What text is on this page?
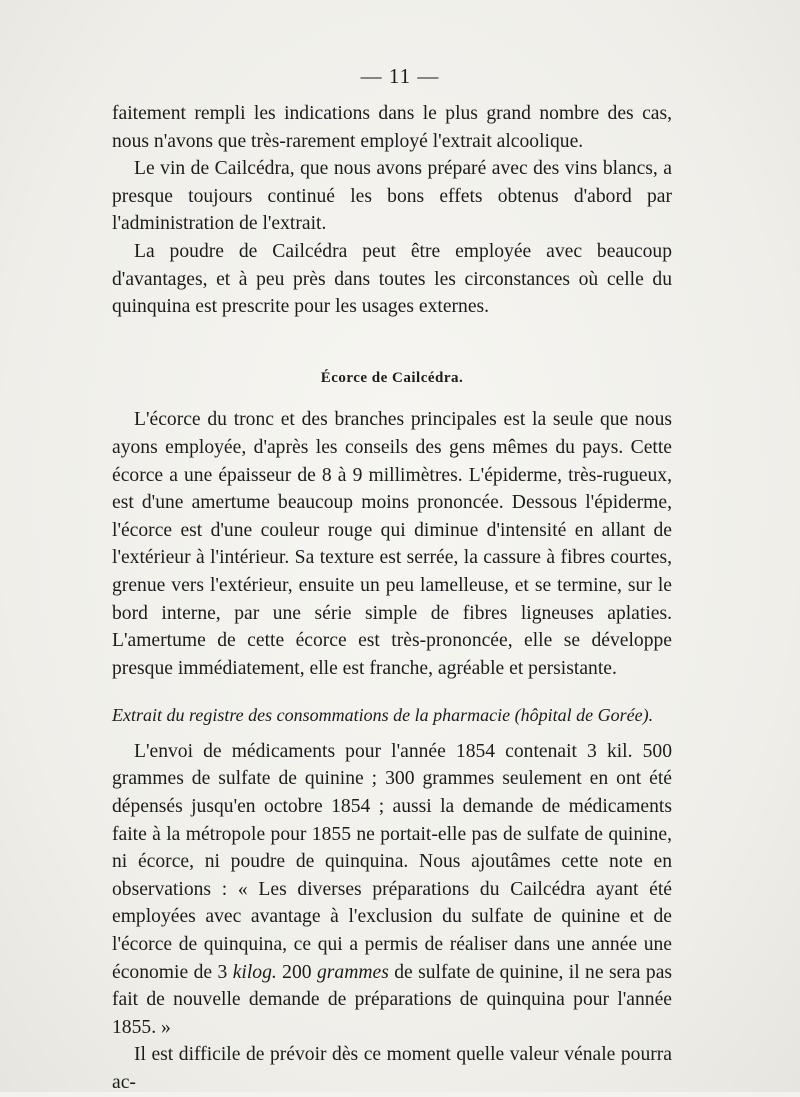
— 11 —

faitement rempli les indications dans le plus grand nombre des cas, nous n'avons que très-rarement employé l'extrait alcoolique.

Le vin de Cailcédra, que nous avons préparé avec des vins blancs, a presque toujours continué les bons effets obtenus d'abord par l'administration de l'extrait.

La poudre de Cailcédra peut être employée avec beaucoup d'avantages, et à peu près dans toutes les circonstances où celle du quinquina est prescrite pour les usages externes.

Écorce de Cailcédra.

L'écorce du tronc et des branches principales est la seule que nous ayons employée, d'après les conseils des gens mêmes du pays. Cette écorce a une épaisseur de 8 à 9 millimètres. L'épiderme, très-rugueux, est d'une amertume beaucoup moins prononcée. Dessous l'épiderme, l'écorce est d'une couleur rouge qui diminue d'intensité en allant de l'extérieur à l'intérieur. Sa texture est serrée, la cassure à fibres courtes, grenue vers l'extérieur, ensuite un peu lamelleuse, et se termine, sur le bord interne, par une série simple de fibres ligneuses aplaties. L'amertume de cette écorce est très-prononcée, elle se développe presque immédiatement, elle est franche, agréable et persistante.

Extrait du registre des consommations de la pharmacie (hôpital de Gorée).

L'envoi de médicaments pour l'année 1854 contenait 3 kil. 500 grammes de sulfate de quinine ; 300 grammes seulement en ont été dépensés jusqu'en octobre 1854 ; aussi la demande de médicaments faite à la métropole pour 1855 ne portait-elle pas de sulfate de quinine, ni écorce, ni poudre de quinquina. Nous ajoutâmes cette note en observations : « Les diverses préparations du Cailcédra ayant été employées avec avantage à l'exclusion du sulfate de quinine et de l'écorce de quinquina, ce qui a permis de réaliser dans une année une économie de 3 kilog. 200 grammes de sulfate de quinine, il ne sera pas fait de nouvelle demande de préparations de quinquina pour l'année 1855. »

Il est difficile de prévoir dès ce moment quelle valeur vénale pourra ac-
